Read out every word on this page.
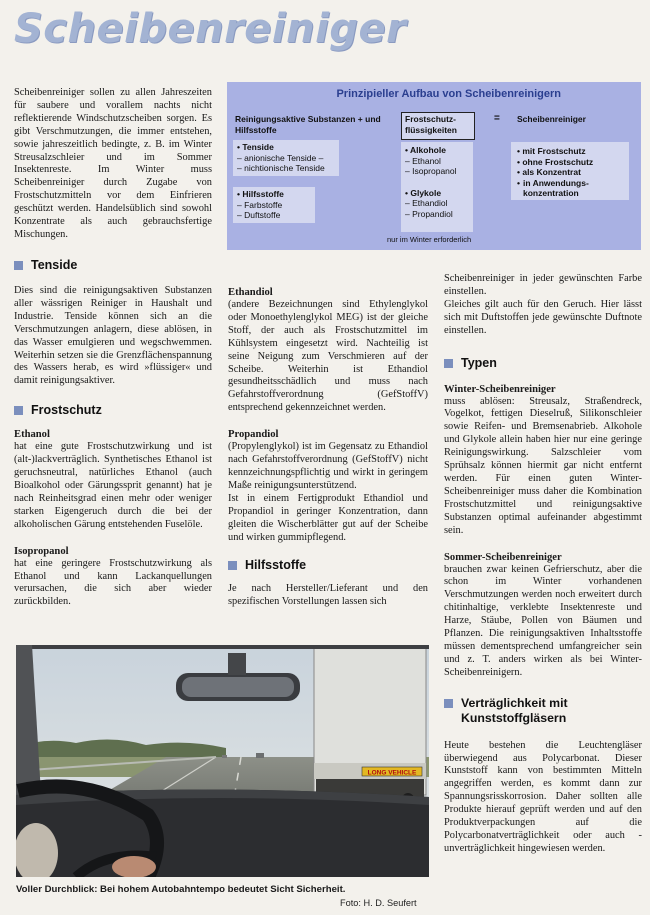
Scheibenreiniger

Scheibenreiniger sollen zu allen Jahreszeiten für saubere und vorallem nachts nicht reflektierende Windschutzscheiben sorgen. Es gibt Verschmutzungen, die immer entstehen, sowie jahreszeitlich bedingte, z. B. im Winter Streusalzschleier und im Sommer Insektenreste. Im Winter muss Scheibenreiniger durch Zugabe von Frostschutzmitteln vor dem Einfrieren geschützt werden. Handelsüblich sind sowohl Konzentrate als auch gebrauchsfertige Mischungen.

Prinzipieller Aufbau von Scheibenreinigern
Reinigungsaktive Substanzen + und Hilfsstoffe
• Tenside
– anionische Tenside –
– nichtionische Tenside
• Hilfsstoffe
– Farbstoffe
– Duftstoffe
Frostschutz-
flüssigkeiten
• Alkohole
– Ethanol
– Isopropanol
• Glykole
– Ethandiol
– Propandiol
nur im Winter erforderlich
= Scheibenreiniger
• mit Frostschutz
• ohne Frostschutz
• als Konzentrat
• in Anwendungs-konzentration
Tenside

Dies sind die reinigungsaktiven Substanzen aller wässrigen Reiniger in Haushalt und Industrie. Tenside können sich an die Verschmutzungen anlagern, diese ablösen, in das Wasser emulgieren und wegschwemmen. Weiterhin setzen sie die Grenzflächenspannung des Wassers herab, es wird »flüssiger« und damit reinigungsaktiver.

Frostschutz

Ethanol

hat eine gute Frostschutzwirkung und ist (alt-)lackverträglich. Synthetisches Ethanol ist geruchsneutral, natürliches Ethanol (auch Bioalkohol oder Gärungssprit genannt) hat je nach Reinheitsgrad einen mehr oder weniger starken Eigengeruch durch die bei der alkoholischen Gärung entstehenden Fuselöle.

Isopropanol

hat eine geringere Frostschutzwirkung als Ethanol und kann Lackanquellungen verursachen, die sich aber wieder zurückbilden.

Ethandiol

(andere Bezeichnungen sind Ethylenglykol oder Monoethylenglykol MEG) ist der gleiche Stoff, der auch als Frostschutzmittel im Kühlsystem eingesetzt wird. Nachteilig ist seine Neigung zum Verschmieren auf der Scheibe. Weiterhin ist Ethandiol gesundheitsschädlich und muss nach Gefahrstoffverordnung (GefStoffV) entsprechend gekennzeichnet werden.

Propandiol

(Propylenglykol) ist im Gegensatz zu Ethandiol nach Gefahrstoffverordnung (GefStoffV) nicht kennzeichnungspflichtig und wirkt in geringem Maße reinigungsunterstützend.

Ist in einem Fertigprodukt Ethandiol und Propandiol in geringer Konzentration, dann gleiten die Wischerblätter gut auf der Scheibe und wirken gummipflegend.

Hilfsstoffe

Je nach Hersteller/Lieferant und den spezifischen Vorstellungen lassen sich

Scheibenreiniger in jeder gewünschten Farbe einstellen.

Gleiches gilt auch für den Geruch. Hier lässt sich mit Duftstoffen jede gewünschte Duftnote einstellen.

Typen

Winter-Scheibenreiniger

muss ablösen: Streusalz, Straßendreck, Vogelkot, fettigen Dieselruß, Silikonschleier sowie Reifen- und Bremsenabrieb. Alkohole und Glykole allein haben hier nur eine geringe Reinigungswirkung. Salzschleier vom Sprühsalz können hiermit gar nicht entfernt werden. Für einen guten Winter-Scheibenreiniger muss daher die Kombination Frostschutzmittel und reinigungsaktive Substanzen optimal aufeinander abgestimmt sein.

Sommer-Scheibenreiniger

brauchen zwar keinen Gefrierschutz, aber die schon im Winter vorhandenen Verschmutzungen werden noch erweitert durch chitinhaltige, verklebte Insektenreste und Harze, Stäube, Pollen von Bäumen und Pflanzen. Die reinigungsaktiven Inhaltsstoffe müssen dementsprechend umfangreicher sein und z. T. anders wirken als bei Winter-Scheibenreinigern.

Verträglichkeit mit Kunststoffgläsern

Heute bestehen die Leuchtengläser überwiegend aus Polycarbonat. Dieser Kunststoff kann von bestimmten Mitteln angegriffen werden, es kommt dann zur Spannungsrisskorrosion. Daher sollten alle Produkte hierauf geprüft werden und auf den Produktverpackungen auf die Polycarbonatverträglichkeit oder auch -unverträglichkeit hingewiesen werden.

LONG VEHICLE
Voller Durchblick: Bei hohem Autobahntempo bedeutet Sicht Sicherheit.
Foto: H. D. Seufert
